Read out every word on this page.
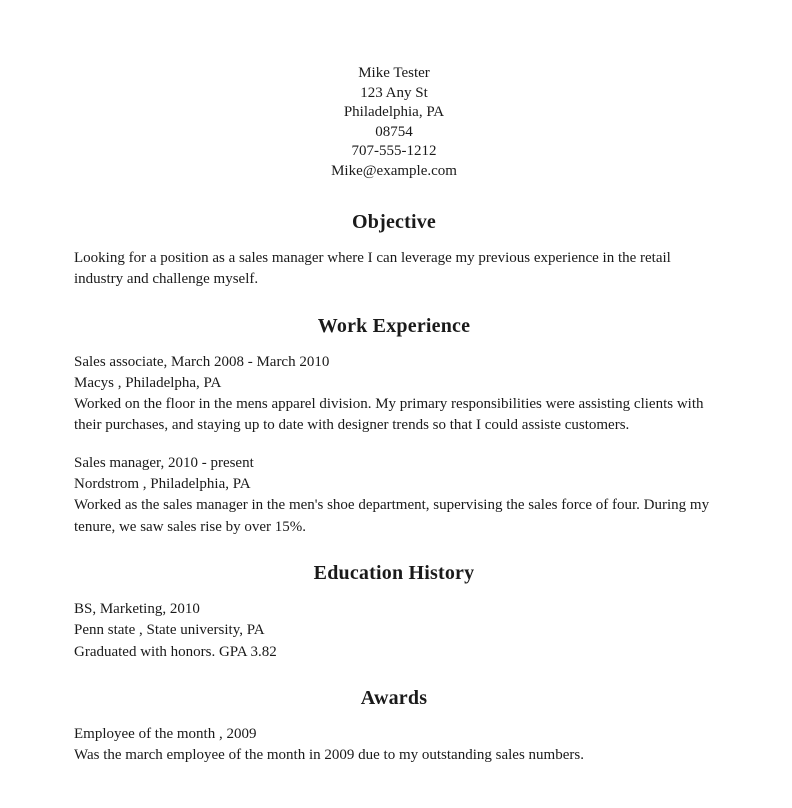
Mike Tester
123 Any St
Philadelphia, PA
08754
707-555-1212
Mike@example.com
Objective
Looking for a position as a sales manager where I can leverage my previous experience in the retail industry and challenge myself.
Work Experience
Sales associate, March 2008 - March 2010
Macys , Philadelpha, PA
Worked on the floor in the mens apparel division. My primary responsibilities were assisting clients with their purchases, and staying up to date with designer trends so that I could assiste customers.
Sales manager, 2010 - present
Nordstrom , Philadelphia, PA
Worked as the sales manager in the men's shoe department, supervising the sales force of four. During my tenure, we saw sales rise by over 15%.
Education History
BS, Marketing, 2010
Penn state , State university, PA
Graduated with honors. GPA 3.82
Awards
Employee of the month , 2009
Was the march employee of the month in 2009 due to my outstanding sales numbers.
